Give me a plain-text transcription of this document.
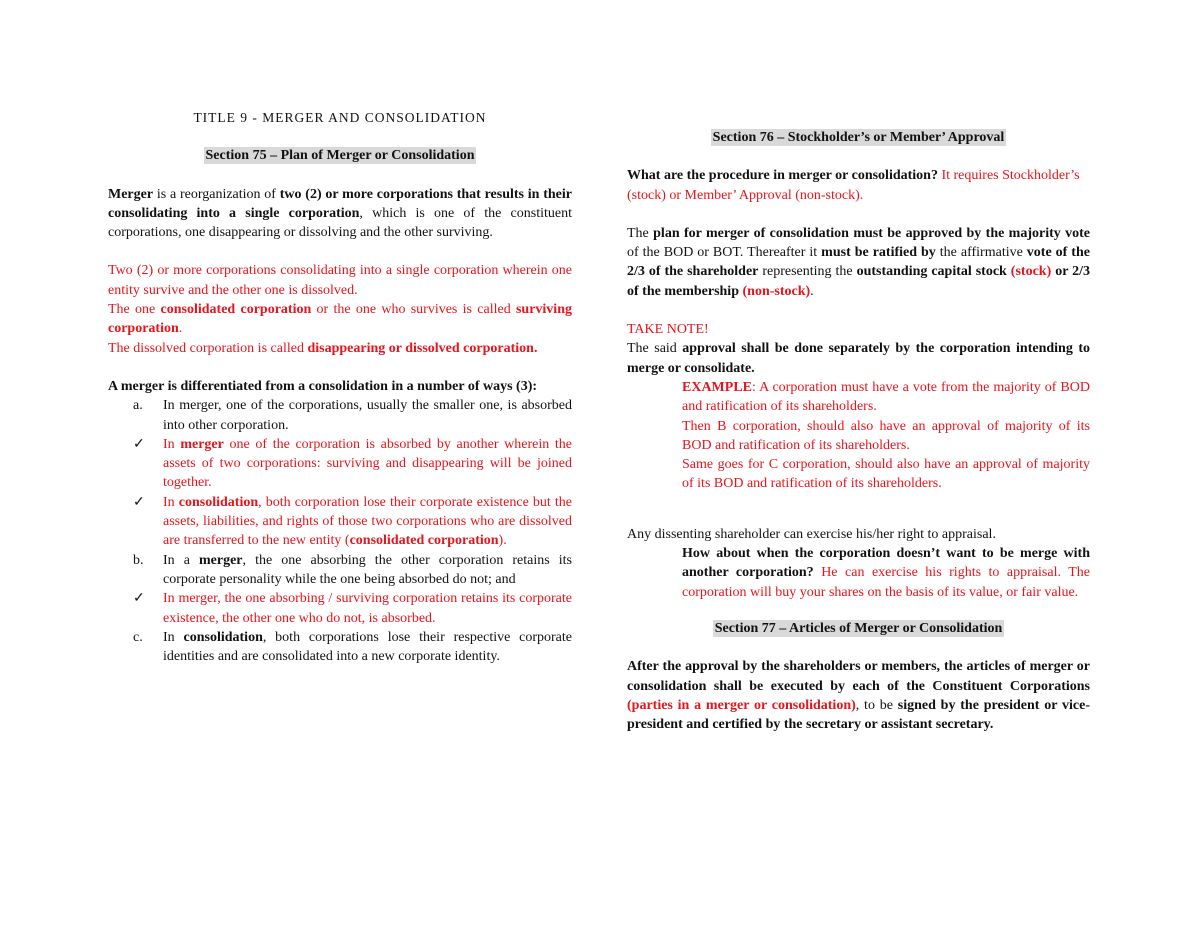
TITLE 9 - MERGER AND CONSOLIDATION

Section 75 – Plan of Merger or Consolidation

Merger is a reorganization of two (2) or more corporations that results in their consolidating into a single corporation, which is one of the constituent corporations, one disappearing or dissolving and the other surviving.

Two (2) or more corporations consolidating into a single corporation wherein one entity survive and the other one is dissolved.

The one consolidated corporation or the one who survives is called surviving corporation.

The dissolved corporation is called disappearing or dissolved corporation.

A merger is differentiated from a consolidation in a number of ways (3):

a.	In merger, one of the corporations, usually the smaller one, is absorbed into other corporation.
✓	In merger one of the corporation is absorbed by another wherein the assets of two corporations: surviving and disappearing will be joined together.
✓	In consolidation, both corporation lose their corporate existence but the assets, liabilities, and rights of those two corporations who are dissolved are transferred to the new entity (consolidated corporation).
b.	In a merger, the one absorbing the other corporation retains its corporate personality while the one being absorbed do not; and
✓	In merger, the one absorbing / surviving corporation retains its corporate existence, the other one who do not, is absorbed.
c.	In consolidation, both corporations lose their respective corporate identities and are consolidated into a new corporate identity.

Section 76 – Stockholder’s or Member’ Approval

What are the procedure in merger or consolidation? It requires Stockholder’s (stock) or Member’ Approval (non-stock).

The plan for merger of consolidation must be approved by the majority vote of the BOD or BOT. Thereafter it must be ratified by the affirmative vote of the 2/3 of the shareholder representing the outstanding capital stock (stock) or 2/3 of the membership (non-stock).

TAKE NOTE!

The said approval shall be done separately by the corporation intending to merge or consolidate.

EXAMPLE: A corporation must have a vote from the majority of BOD and ratification of its shareholders.

Then B corporation, should also have an approval of majority of its BOD and ratification of its shareholders.

Same goes for C corporation, should also have an approval of majority of its BOD and ratification of its shareholders.

Any dissenting shareholder can exercise his/her right to appraisal.

How about when the corporation doesn’t want to be merge with another corporation? He can exercise his rights to appraisal. The corporation will buy your shares on the basis of its value, or fair value.

Section 77 – Articles of Merger or Consolidation

After the approval by the shareholders or members, the articles of merger or consolidation shall be executed by each of the Constituent Corporations (parties in a merger or consolidation), to be signed by the president or vice-president and certified by the secretary or assistant secretary.
